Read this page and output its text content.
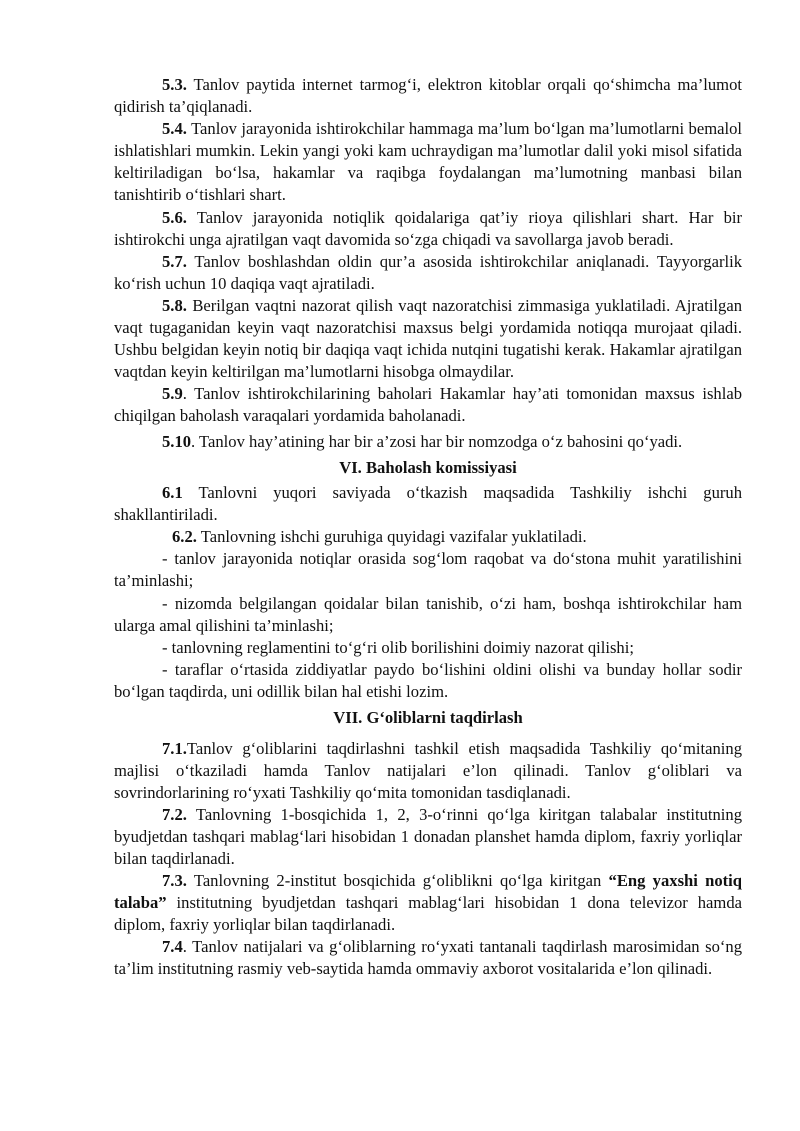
5.3. Tanlov paytida internet tarmog‘i, elektron kitoblar orqali qo‘shimcha ma’lumot qidirish ta’qiqlanadi.

5.4. Tanlov jarayonida ishtirokchilar hammaga ma’lum bo‘lgan ma’lumotlarni bemalol ishlatishlari mumkin. Lekin yangi yoki kam uchraydigan ma’lumotlar dalil yoki misol sifatida keltiriladigan bo‘lsa, hakamlar va raqibga foydalangan ma’lumotning manbasi bilan tanishtirib o‘tishlari shart.

5.6. Tanlov jarayonida notiqlik qoidalariga qat’iy rioya qilishlari shart. Har bir ishtirokchi unga ajratilgan vaqt davomida so‘zga chiqadi va savollarga javob beradi.

5.7. Tanlov boshlashdan oldin qur’a asosida ishtirokchilar aniqlanadi. Tayyorgarlik ko‘rish uchun 10 daqiqa vaqt ajratiladi.

5.8. Berilgan vaqtni nazorat qilish vaqt nazoratchisi zimmasiga yuklatiladi. Ajratilgan vaqt tugaganidan keyin vaqt nazoratchisi maxsus belgi yordamida notiqqa murojaat qiladi. Ushbu belgidan keyin notiq bir daqiqa vaqt ichida nutqini tugatishi kerak. Hakamlar ajratilgan vaqtdan keyin keltirilgan ma’lumotlarni hisobga olmaydilar.

5.9. Tanlov ishtirokchilarining baholari Hakamlar hay’ati tomonidan maxsus ishlab chiqilgan baholash varaqalari yordamida baholanadi.

5.10. Tanlov hay’atining har bir a’zosi har bir nomzodga o‘z bahosini qo‘yadi.

VI. Baholash komissiyasi

6.1 Tanlovni yuqori saviyada o‘tkazish maqsadida Tashkiliy ishchi guruh shakllantiriladi.

6.2. Tanlovning ishchi guruhiga quyidagi vazifalar yuklatiladi.

- tanlov jarayonida notiqlar orasida sog‘lom raqobat va do‘stona muhit yaratilishini ta’minlashi;

- nizomda belgilangan qoidalar bilan tanishib, o‘zi ham, boshqa ishtirokchilar ham ularga amal qilishini ta’minlashi;

- tanlovning reglamentini to‘g‘ri olib borilishini doimiy nazorat qilishi;

- taraflar o‘rtasida ziddiyatlar paydo bo‘lishini oldini olishi va bunday hollar sodir bo‘lgan taqdirda, uni odillik bilan hal etishi lozim.

VII. G‘oliblarni taqdirlash

7.1.Tanlov g‘oliblarini taqdirlashni tashkil etish maqsadida Tashkiliy qo‘mitaning majlisi o‘tkaziladi hamda Tanlov natijalari e’lon qilinadi. Tanlov g‘oliblari va sovrindorlarining ro‘yxati Tashkiliy qo‘mita tomonidan tasdiqlanadi.

7.2. Tanlovning 1-bosqichida 1, 2, 3-o‘rinni qo‘lga kiritgan talabalar institutning byudjetdan tashqari mablag‘lari hisobidan 1 donadan planshet hamda diplom, faxriy yorliqlar bilan taqdirlanadi.

7.3. Tanlovning 2-institut bosqichida g‘oliblikni qo‘lga kiritgan “Eng yaxshi notiq talaba” institutning byudjetdan tashqari mablag‘lari hisobidan 1 dona televizor hamda diplom, faxriy yorliqlar bilan taqdirlanadi.

7.4. Tanlov natijalari va g‘oliblarning ro‘yxati tantanali taqdirlash marosimidan so‘ng ta’lim institutning rasmiy veb-saytida hamda ommaviy axborot vositalarida e’lon qilinadi.
